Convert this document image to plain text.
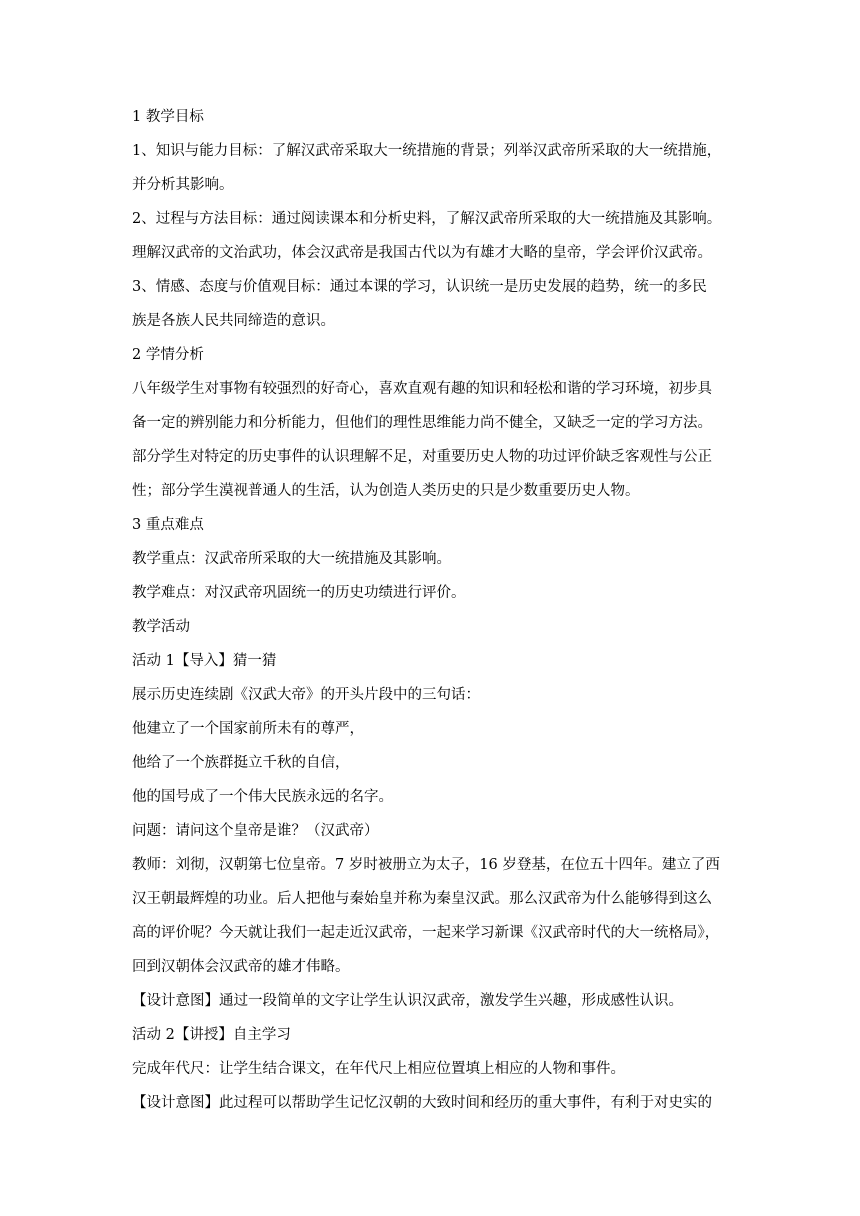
1 教学目标
1、知识与能力目标：了解汉武帝采取大一统措施的背景；列举汉武帝所采取的大一统措施，
并分析其影响。
2、过程与方法目标：通过阅读课本和分析史料，了解汉武帝所采取的大一统措施及其影响。
理解汉武帝的文治武功，体会汉武帝是我国古代以为有雄才大略的皇帝，学会评价汉武帝。
3、情感、态度与价值观目标：通过本课的学习，认识统一是历史发展的趋势，统一的多民
族是各族人民共同缔造的意识。
2 学情分析
八年级学生对事物有较强烈的好奇心，喜欢直观有趣的知识和轻松和谐的学习环境，初步具
备一定的辨别能力和分析能力，但他们的理性思维能力尚不健全，又缺乏一定的学习方法。
部分学生对特定的历史事件的认识理解不足，对重要历史人物的功过评价缺乏客观性与公正
性；部分学生漠视普通人的生活，认为创造人类历史的只是少数重要历史人物。
3 重点难点
教学重点：汉武帝所采取的大一统措施及其影响。
教学难点：对汉武帝巩固统一的历史功绩进行评价。
教学活动
活动 1【导入】猜一猜
展示历史连续剧《汉武大帝》的开头片段中的三句话：
他建立了一个国家前所未有的尊严，
他给了一个族群挺立千秋的自信，
他的国号成了一个伟大民族永远的名字。
问题：请问这个皇帝是谁？（汉武帝）
教师：刘彻，汉朝第七位皇帝。7 岁时被册立为太子，16 岁登基，在位五十四年。建立了西
汉王朝最辉煌的功业。后人把他与秦始皇并称为秦皇汉武。那么汉武帝为什么能够得到这么
高的评价呢？今天就让我们一起走近汉武帝，一起来学习新课《汉武帝时代的大一统格局》，
回到汉朝体会汉武帝的雄才伟略。
【设计意图】通过一段简单的文字让学生认识汉武帝，激发学生兴趣，形成感性认识。
活动 2【讲授】自主学习
完成年代尺：让学生结合课文，在年代尺上相应位置填上相应的人物和事件。
【设计意图】此过程可以帮助学生记忆汉朝的大致时间和经历的重大事件，有利于对史实的
